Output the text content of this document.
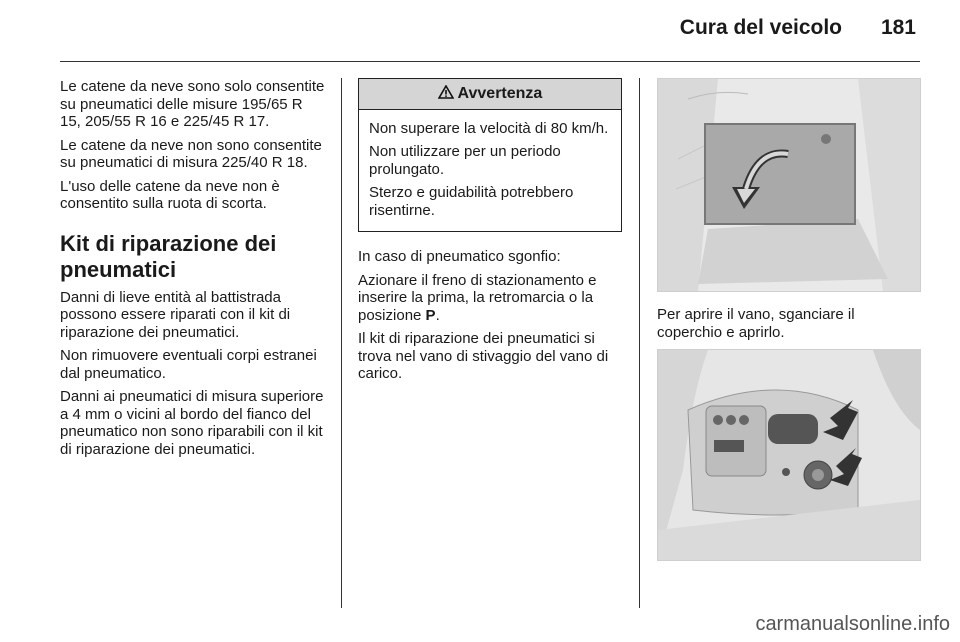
Cura del veicolo 181

Le catene da neve sono solo consentite su pneumatici delle misure 195/65 R 15, 205/55 R 16 e 225/45 R 17.

Le catene da neve non sono consentite su pneumatici di misura 225/40 R 18.

L'uso delle catene da neve non è consentito sulla ruota di scorta.

Kit di riparazione dei pneumatici

Danni di lieve entità al battistrada possono essere riparati con il kit di riparazione dei pneumatici.

Non rimuovere eventuali corpi estranei dal pneumatico.

Danni ai pneumatici di misura superiore a 4 mm o vicini al bordo del fianco del pneumatico non sono riparabili con il kit di riparazione dei pneumatici.

Avvertenza

Non superare la velocità di 80 km/h.

Non utilizzare per un periodo prolungato.

Sterzo e guidabilità potrebbero risentirne.

In caso di pneumatico sgonfio:

Azionare il freno di stazionamento e inserire la prima, la retromarcia o la posizione P.

Il kit di riparazione dei pneumatici si trova nel vano di stivaggio del vano di carico.

Per aprire il vano, sganciare il coperchio e aprirlo.

carmanualsonline.info
